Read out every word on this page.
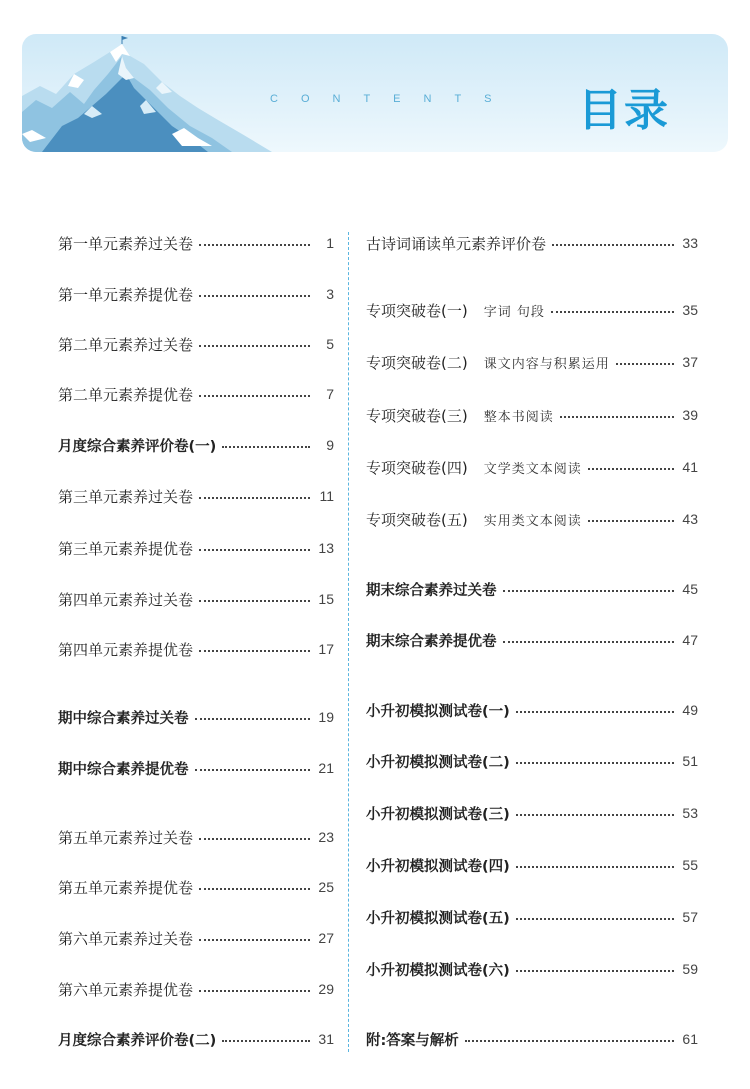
CONTENTS 目录
第一单元素养过关卷	1
第一单元素养提优卷	3
第二单元素养过关卷	5
第二单元素养提优卷	7
月度综合素养评价卷(一)	9
第三单元素养过关卷	11
第三单元素养提优卷	13
第四单元素养过关卷	15
第四单元素养提优卷	17
期中综合素养过关卷	19
期中综合素养提优卷	21
第五单元素养过关卷	23
第五单元素养提优卷	25
第六单元素养过关卷	27
第六单元素养提优卷	29
月度综合素养评价卷(二)	31
古诗词诵读单元素养评价卷	33
专项突破卷(一) 字词 句段	35
专项突破卷(二) 课文内容与积累运用	37
专项突破卷(三) 整本书阅读	39
专项突破卷(四) 文学类文本阅读	41
专项突破卷(五) 实用类文本阅读	43
期末综合素养过关卷	45
期末综合素养提优卷	47
小升初模拟测试卷(一)	49
小升初模拟测试卷(二)	51
小升初模拟测试卷(三)	53
小升初模拟测试卷(四)	55
小升初模拟测试卷(五)	57
小升初模拟测试卷(六)	59
附:答案与解析	61
